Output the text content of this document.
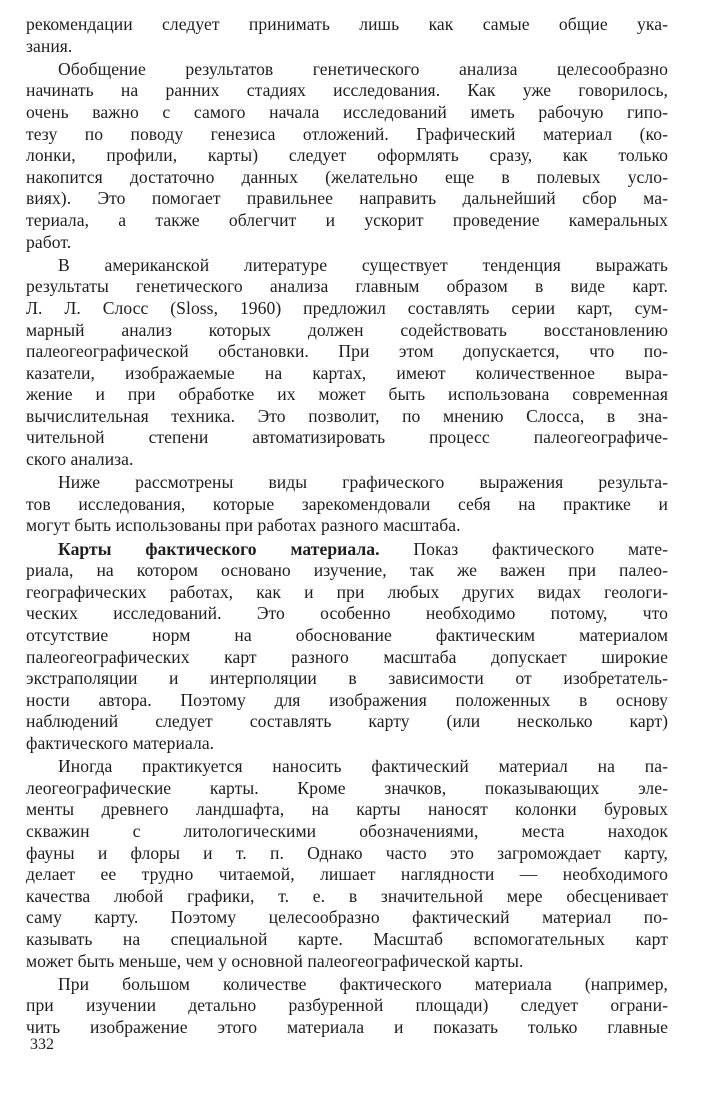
рекомендации следует принимать лишь как самые общие ука-
зания.
Обобщение результатов генетического анализа целесообразно
начинать на ранних стадиях исследования. Как уже говорилось,
очень важно с самого начала исследований иметь рабочую гипо-
тезу по поводу генезиса отложений. Графический материал (ко-
лонки, профили, карты) следует оформлять сразу, как только
накопится достаточно данных (желательно еще в полевых усло-
виях). Это помогает правильнее направить дальнейший сбор ма-
териала, а также облегчит и ускорит проведение камеральных
работ.
В американской литературе существует тенденция выражать
результаты генетического анализа главным образом в виде карт.
Л. Л. Слосс (Sloss, 1960) предложил составлять серии карт, сум-
марный анализ которых должен содействовать восстановлению
палеогеографической обстановки. При этом допускается, что по-
казатели, изображаемые на картах, имеют количественное выра-
жение и при обработке их может быть использована современная
вычислительная техника. Это позволит, по мнению Слосса, в зна-
чительной степени автоматизировать процесс палеогеографиче-
ского анализа.
Ниже рассмотрены виды графического выражения результа-
тов исследования, которые зарекомендовали себя на практике и
могут быть использованы при работах разного масштаба.
Карты фактического материала. Показ фактического мате-
риала, на котором основано изучение, так же важен при палео-
географических работах, как и при любых других видах геологи-
ческих исследований. Это особенно необходимо потому, что
отсутствие норм на обоснование фактическим материалом
палеогеографических карт разного масштаба допускает широкие
экстраполяции и интерполяции в зависимости от изобретатель-
ности автора. Поэтому для изображения положенных в основу
наблюдений следует составлять карту (или несколько карт)
фактического материала.
Иногда практикуется наносить фактический материал на па-
леогеографические карты. Кроме значков, показывающих эле-
менты древнего ландшафта, на карты наносят колонки буровых
скважин с литологическими обозначениями, места находок
фауны и флоры и т. п. Однако часто это загромождает карту,
делает ее трудно читаемой, лишает наглядности — необходимого
качества любой графики, т. е. в значительной мере обесценивает
саму карту. Поэтому целесообразно фактический материал по-
казывать на специальной карте. Масштаб вспомогательных карт
может быть меньше, чем у основной палеогеографической карты.
При большом количестве фактического материала (например,
при изучении детально разбуренной площади) следует ограни-
чить изображение этого материала и показать только главные
332
